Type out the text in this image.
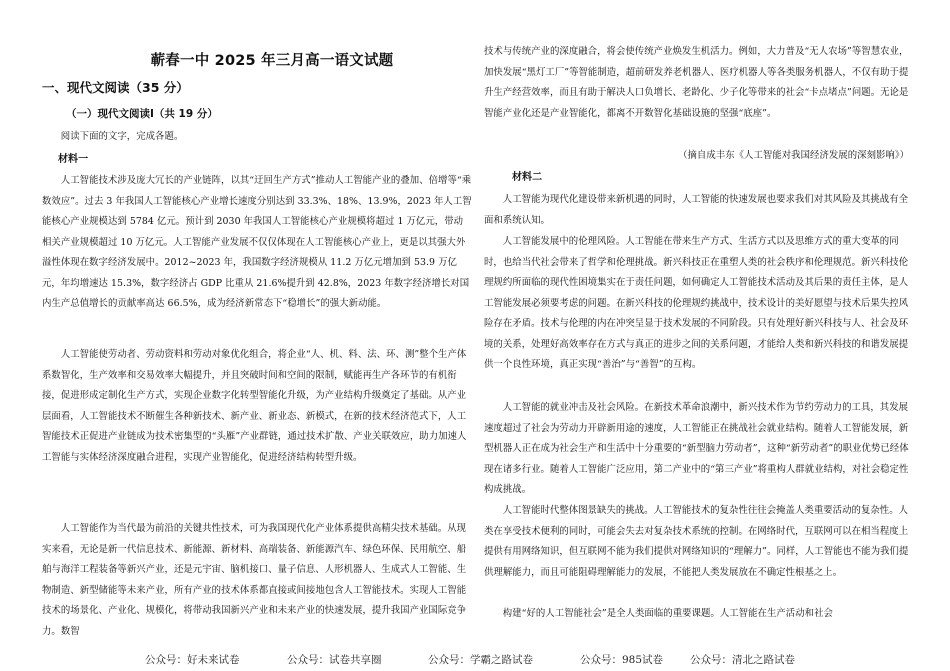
蕲春一中 2025 年三月高一语文试题
一、现代文阅读（35 分）
（一）现代文阅读Ⅰ（共 19 分）
阅读下面的文字，完成各题。
材料一
人工智能技术涉及庞大冗长的产业链阵，以其“迂回生产方式”推动人工智能产业的叠加、倍增等“乘数效应”。过去 3 年我国人工智能核心产业增长速度分别达到 33.3%、18%、13.9%，2023 年人工智能核心产业规模达到 5784 亿元。预计到 2030 年我国人工智能核心产业规模将超过 1 万亿元，带动相关产业规模超过 10 万亿元。人工智能产业发展不仅仅体现在人工智能核心产业上，更是以其强大外溢性体现在数字经济发展中。2012~2023 年，我国数字经济规模从 11.2 万亿元增加到 53.9 万亿元，年均增速达 15.3%，数字经济占 GDP 比重从 21.6%提升到 42.8%，2023 年数字经济增长对国内生产总值增长的贡献率高达 66.5%，成为经济新常态下“稳增长”的强大新动能。
人工智能使劳动者、劳动资料和劳动对象优化组合，将企业“人、机、料、法、环、测”整个生产体系数智化，生产效率和交易效率大幅提升，并且突破时间和空间的限制，赋能再生产各环节的有机衔接，促进形成定制化生产方式，实现企业数字化转型智能化升级，为产业结构升级奠定了基础。从产业层面看，人工智能技术不断催生各种新技术、新产业、新业态、新模式，在新的技术经济范式下，人工智能技术正促进产业链成为技术密集型的“头雁”产业群链，通过技术扩散、产业关联效应，助力加速人工智能与实体经济深度融合进程，实现产业智能化，促进经济结构转型升级。
人工智能作为当代最为前沿的关键共性技术，可为我国现代化产业体系提供高精尖技术基础。从现实来看，无论是新一代信息技术、新能源、新材料、高端装备、新能源汽车、绿色环保、民用航空、船舶与海洋工程装备等新兴产业，还是元宇宙、脑机接口、量子信息、人形机器人、生成式人工智能、生物制造、新型储能等未来产业，所有产业的技术体系都直接或间接地包含人工智能技术。实现人工智能技术的场景化、产业化、规模化，将带动我国新兴产业和未来产业的快速发展，提升我国产业国际竞争力。数智
技术与传统产业的深度融合，将会使传统产业焕发生机活力。例如，大力普及“无人农场”等智慧农业，加快发展“黑灯工厂”等智能制造，超前研发养老机器人、医疗机器人等各类服务机器人，不仅有助于提升生产经营效率，而且有助于解决人口负增长、老龄化、少子化等带来的社会“卡点堵点”问题。无论是智能产业化还是产业智能化，都离不开数智化基础设施的坚强“底座”。
（摘自成丰东《人工智能对我国经济发展的深刻影响》）
材料二
人工智能为现代化建设带来新机遇的同时，人工智能的快速发展也要求我们对其风险及其挑战有全面和系统认知。
人工智能发展中的伦理风险。人工智能在带来生产方式、生活方式以及思维方式的重大变革的同时，也给当代社会带来了哲学和伦理挑战。新兴科技正在重塑人类的社会秩序和伦理规范。新兴科技伦理规约所面临的现代性困境集实在于责任问题，如何确定人工智能技术活动及其后果的责任主体，是人工智能发展必须要考虑的问题。在新兴科技的伦理规约挑战中，技术设计的美好愿望与技术后果失控风险存在矛盾。技术与伦理的内在冲突呈显于技术发展的不同阶段。只有处理好新兴科技与人、社会及环境的关系，处理好高效率存在方式与真正的进步之间的关系问题，才能给人类和新兴科技的和谐发展提供一个良性环境，真正实现“善治”与“善智”的互构。
人工智能的就业冲击及社会风险。在新技术革命浪潮中，新兴技术作为节约劳动力的工具，其发展速度超过了社会为劳动力开辟新用途的速度，人工智能正在挑战社会就业结构。随着人工智能发展，新型机器人正在成为社会生产和生活中十分重要的“新型脑力劳动者”，这种“新劳动者”的职业优势已经体现在诸多行业。随着人工智能广泛应用，第二产业中的“第三产业”将重构人群就业结构，对社会稳定性构成挑战。
人工智能时代整体图景缺失的挑战。人工智能技术的复杂性往往会掩盖人类重要活动的复杂性。人类在享受技术便利的同时，可能会失去对复杂技术系统的控制。在网络时代，互联网可以在相当程度上提供有用网络知识，但互联网不能为我们提供对网络知识的“理解力”。同样，人工智能也不能为我们提供理解能力，而且可能阻碍理解能力的发展，不能把人类发展放在不确定性根基之上。
构建“好的人工智能社会”是全人类面临的重要课题。人工智能在生产活动和社会
公众号：好未来试卷	公众号：试卷共享圈	公众号：学霸之路试卷	公众号：985试卷	公众号：清北之路试卷
